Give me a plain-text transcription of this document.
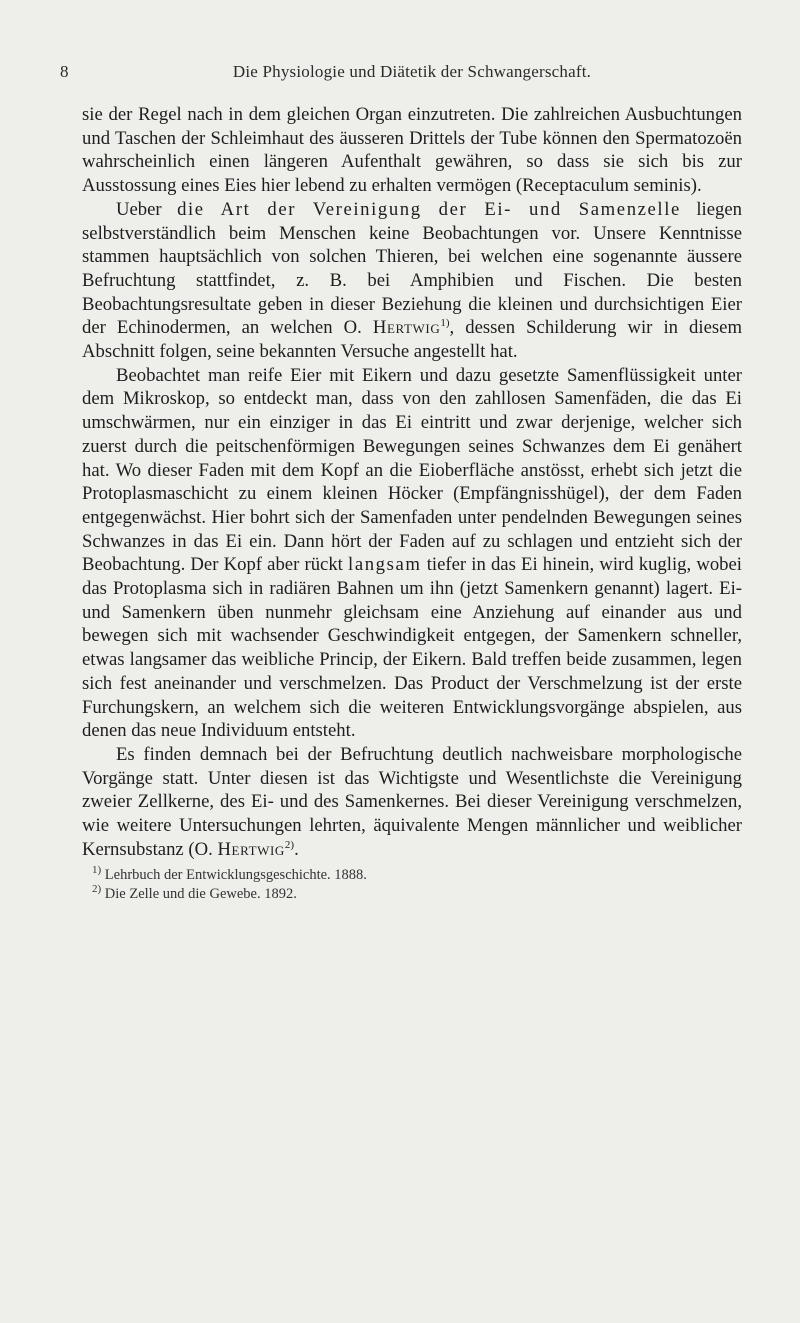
8	Die Physiologie und Diätetik der Schwangerschaft.

sie der Regel nach in dem gleichen Organ einzutreten. Die zahlreichen Ausbuchtungen und Taschen der Schleimhaut des äusseren Drittels der Tube können den Spermatozoën wahrscheinlich einen längeren Aufenthalt gewähren, so dass sie sich bis zur Ausstossung eines Eies hier lebend zu erhalten vermögen (Receptaculum seminis).

Ueber die Art der Vereinigung der Ei- und Samenzelle liegen selbstverständlich beim Menschen keine Beobachtungen vor. Unsere Kenntnisse stammen hauptsächlich von solchen Thieren, bei welchen eine sogenannte äussere Befruchtung stattfindet, z. B. bei Amphibien und Fischen. Die besten Beobachtungsresultate geben in dieser Beziehung die kleinen und durchsichtigen Eier der Echinodermen, an welchen O. Hertwig$^{1)}$, dessen Schilderung wir in diesem Abschnitt folgen, seine bekannten Versuche angestellt hat.

Beobachtet man reife Eier mit Eikern und dazu gesetzte Samenflüssigkeit unter dem Mikroskop, so entdeckt man, dass von den zahllosen Samenfäden, die das Ei umschwärmen, nur ein einziger in das Ei eintritt und zwar derjenige, welcher sich zuerst durch die peitschenförmigen Bewegungen seines Schwanzes dem Ei genähert hat. Wo dieser Faden mit dem Kopf an die Eioberfläche anstösst, erhebt sich jetzt die Protoplasmaschicht zu einem kleinen Höcker (Empfängnisshügel), der dem Faden entgegenwächst. Hier bohrt sich der Samenfaden unter pendelnden Bewegungen seines Schwanzes in das Ei ein. Dann hört der Faden auf zu schlagen und entzieht sich der Beobachtung. Der Kopf aber rückt langsam tiefer in das Ei hinein, wird kuglig, wobei das Protoplasma sich in radiären Bahnen um ihn (jetzt Samenkern genannt) lagert. Ei- und Samenkern üben nunmehr gleichsam eine Anziehung auf einander aus und bewegen sich mit wachsender Geschwindigkeit entgegen, der Samenkern schneller, etwas langsamer das weibliche Princip, der Eikern. Bald treffen beide zusammen, legen sich fest aneinander und verschmelzen. Das Product der Verschmelzung ist der erste Furchungskern, an welchem sich die weiteren Entwicklungsvorgänge abspielen, aus denen das neue Individuum entsteht.

Es finden demnach bei der Befruchtung deutlich nachweisbare morphologische Vorgänge statt. Unter diesen ist das Wichtigste und Wesentlichste die Vereinigung zweier Zellkerne, des Ei- und des Samenkernes. Bei dieser Vereinigung verschmelzen, wie weitere Untersuchungen lehrten, äquivalente Mengen männlicher und weiblicher Kernsubstanz (O. Hertwig$^{2)}$.

$^{1)}$ Lehrbuch der Entwicklungsgeschichte. 1888.
$^{2)}$ Die Zelle und die Gewebe. 1892.
